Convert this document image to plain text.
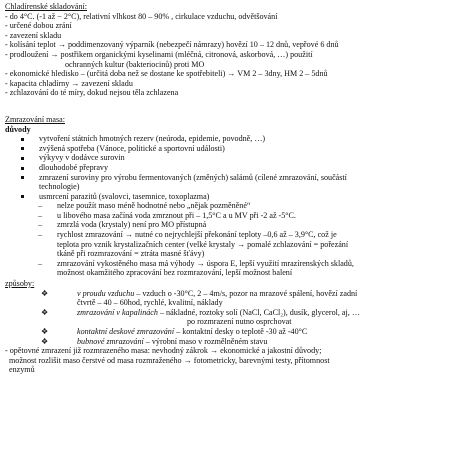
Chladírenské skladování:
- do 4°C. (-1 až − 2°C), relativní vlhkost 80 – 90% , cirkulace vzduchu, odvětšování
- určené dobou zrání
- zavezení skladu
- kolísání teplot → poddimenzovaný výparník (nebezpečí námrazy) hovězí 10 – 12 dnů, vepřové 6 dnů
- prodloužení → postřikem organickými kyselinami (mléčná, citronová, askorbová, …) použití
ochranných kultur (bakteriocinů) proti MO
- ekonomické hledisko – (určitá doba než se dostane ke spotřebiteli) → VM 2 – 3dny, HM 2 – 5dnů
- kapacita chladírny → zavezení skladu
- zchlazování do té míry, dokud nejsou těla zchlazena
Zmrazování masa:
důvody
vytvoření státních hmotných rezerv (neúroda, epidemie, povodně, …)
zvýšená spotřeba (Vánoce, politické a sportovní události)
výkyvy v dodávce surovin
dlouhodobé přepravy
zmrazení suroviny pro výrobu fermentovaných (změných) salámů (cílené zmrazování, součástí
technologie)
usmrcení parazitů (svalovci, tasemnice, toxoplazma)
–	nelze použít maso méně hodnotné nebo „nějak pozměněné“
–	u libového masa začíná voda zmrznout při – 1,5°C a u MV při -2 až -5°C.
–	zmrzlá voda (krystaly) není pro MO přístupná
–	rychlost zmrazování → nutné co nejrychlejší překonání teploty –0,6 až – 3,9°C, což je
teplota pro vznik krystalizačních center (velké krystaly → pomalé zchlazování = pořezání
tkáně při rozmrazování = ztráta masné šťávy)
–	zmrazování vykostěného masa má výhody → úspora E, lepší využití mrazírenských skladů,
možnost okamžitého zpracování bez rozmrazování, lepší možnost balení
způsoby:
❖	v proudu vzduchu – vzduch o -30°C, 2 – 4m/s, pozor na mrazové spálení, hovězí zadní
čtvrtě – 40 – 60hod, rychlé, kvalitní, náklady
❖	zmrazování v kapalinách – nákladné, roztoky solí (NaCl, CaCl₂), dusík, glycerol, aj, …
po rozmrazení nutno osprchovat
❖	kontaktní deskové zmrazování – kontaktní desky o teplotě -30 až -40°C
❖	bubnové zmrazování – výrobní maso v rozmělněném stavu
- opětovné zmrazení již rozmrazeného masa: nevhodný zákrok → ekonomické a jakostní důvody;
možnost rozlišit maso čerstvé od masa rozmraženého → fotometricky, barevnými testy, přítomnost
enzymů
